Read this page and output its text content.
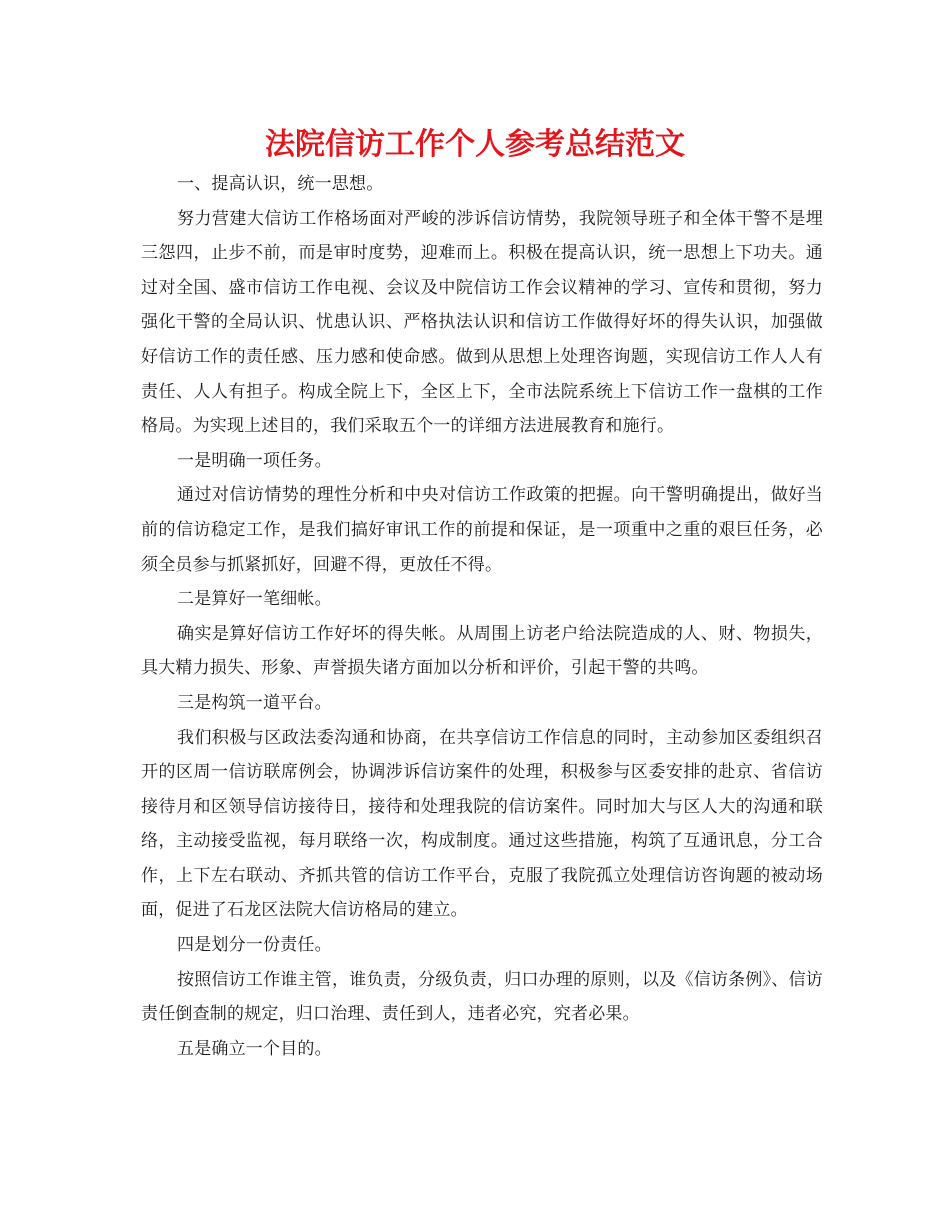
法院信访工作个人参考总结范文

一、提高认识，统一思想。

努力营建大信访工作格场面对严峻的涉诉信访情势，我院领导班子和全体干警不是埋三怨四，止步不前，而是审时度势，迎难而上。积极在提高认识，统一思想上下功夫。通过对全国、盛市信访工作电视、会议及中院信访工作会议精神的学习、宣传和贯彻，努力强化干警的全局认识、忧患认识、严格执法认识和信访工作做得好坏的得失认识，加强做好信访工作的责任感、压力感和使命感。做到从思想上处理咨询题，实现信访工作人人有责任、人人有担子。构成全院上下，全区上下，全市法院系统上下信访工作一盘棋的工作格局。为实现上述目的，我们采取五个一的详细方法进展教育和施行。

一是明确一项任务。

通过对信访情势的理性分析和中央对信访工作政策的把握。向干警明确提出，做好当前的信访稳定工作，是我们搞好审讯工作的前提和保证，是一项重中之重的艰巨任务，必须全员参与抓紧抓好，回避不得，更放任不得。

二是算好一笔细帐。

确实是算好信访工作好坏的得失帐。从周围上访老户给法院造成的人、财、物损失，具大精力损失、形象、声誉损失诸方面加以分析和评价，引起干警的共鸣。

三是构筑一道平台。

我们积极与区政法委沟通和协商，在共享信访工作信息的同时，主动参加区委组织召开的区周一信访联席例会，协调涉诉信访案件的处理，积极参与区委安排的赴京、省信访接待月和区领导信访接待日，接待和处理我院的信访案件。同时加大与区人大的沟通和联络，主动接受监视，每月联络一次，构成制度。通过这些措施，构筑了互通讯息，分工合作，上下左右联动、齐抓共管的信访工作平台，克服了我院孤立处理信访咨询题的被动场面，促进了石龙区法院大信访格局的建立。

四是划分一份责任。

按照信访工作谁主管，谁负责，分级负责，归口办理的原则，以及《信访条例》、信访责任倒查制的规定，归口治理、责任到人，违者必究，究者必果。

五是确立一个目的。
